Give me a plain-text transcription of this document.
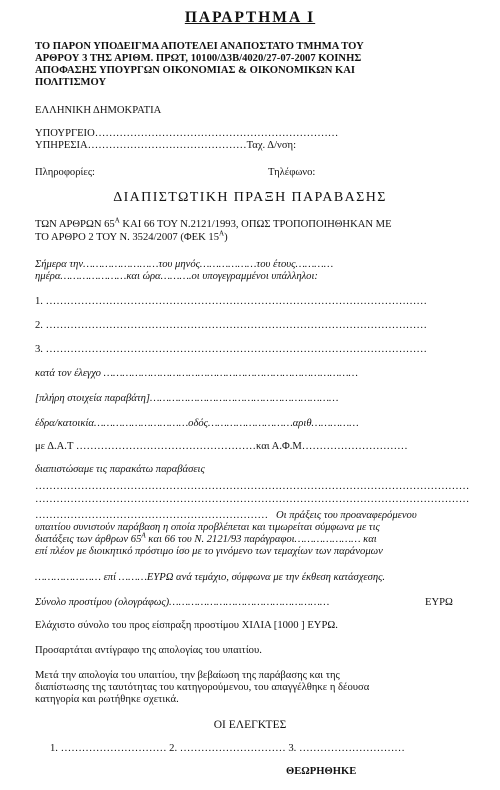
ΠΑΡΑΡΤΗΜΑ Ι
ΤΟ ΠΑΡΟΝ ΥΠΟΔΕΙΓΜΑ ΑΠΟΤΕΛΕΙ ΑΝΑΠΟΣΤΑΤΟ ΤΜΗΜΑ ΤΟΥ
ΑΡΘΡΟΥ 3 ΤΗΣ ΑΡΙΘΜ. ΠΡΩΤ, 10100/Δ3Β/4020/27-07-2007 ΚΟΙΝΗΣ
ΑΠΟΦΑΣΗΣ ΥΠΟΥΡΓΩΝ ΟΙΚΟΝΟΜΙΑΣ & ΟΙΚΟΝΟΜΙΚΩΝ ΚΑΙ
ΠΟΛΙΤΙΣΜΟΥ
ΕΛΛΗΝΙΚΗ ΔΗΜΟΚΡΑΤΙΑ
ΥΠΟΥΡΓΕΙΟ……………………………………………………………
ΥΠΗΡΕΣΙΑ………………………………………Ταχ. Δ/νση:
Πληροφορίες:	Τηλέφωνο:
ΔΙΑΠΙΣΤΩΤΙΚΗ ΠΡΑΞΗ ΠΑΡΑΒΑΣΗΣ
ΤΩΝ ΑΡΘΡΩΝ $65^A$ ΚΑΙ 66 ΤΟΥ Ν.2121/1993, ΟΠΩΣ ΤΡΟΠΟΠΟΙΗΘΗΚΑΝ ΜΕ
ΤΟ ΑΡΘΡΟ 2 ΤΟΥ Ν. 3524/2007 (ΦΕΚ $15^A$)
Σήμερα την……………………του μηνός………………του έτους…………
ημέρα…………………και ώρα……….οι υπογεγραμμένοι υπάλληλοι:
1. ………………………………………………………………………………………………
2. ………………………………………………………………………………………………
3. ………………………………………………………………………………………………
κατά τον έλεγχο ………………………………………………………………………
[πλήρη στοιχεία παραβάτη]……………………………………………………
έδρα/κατοικία…………………………οδός………………………αριθ……………
με Δ.Α.Τ ……………………………………………και Α.Φ.Μ…………………………
διαπιστώσαμε τις παρακάτω παραβάσεις
……………………………………………………………………………………………………………
……………………………………………………………………………………………………………
………………………………………………………… Οι πράξεις του προαναφερόμενου
υπαιτίου συνιστούν παράβαση η οποία προβλέπεται και τιμωρείται σύμφωνα με τις
διατάξεις των άρθρων $65^A$ και 66 του Ν. 2121/93 παράγραφοι………………… και
επί πλέον με διοικητικό πρόστιμο ίσο με το γινόμενο των τεμαχίων των παράνομων
………………… επί ………ΕΥΡΩ ανά τεμάχιο, σύμφωνα με την έκθεση κατάσχεσης.
Σύνολο προστίμου (ολογράφως)……………………………………………	ΕΥΡΩ
Ελάχιστο σύνολο του προς είσπραξη προστίμου ΧΙΛΙΑ [1000 ] ΕΥΡΩ.
Προσαρτάται αντίγραφο της απολογίας του υπαιτίου.
Μετά την απολογία του υπαιτίου, την βεβαίωση της παράβασης και της
διαπίστωσης της ταυτότητας του κατηγορούμενου, του απαγγέλθηκε η δέουσα
κατηγορία και ρωτήθηκε σχετικά.
ΟΙ ΕΛΕΓΚΤΕΣ
1. ………………………… 2. ………………………… 3. …………………………
ΘΕΩΡΗΘΗΚΕ
